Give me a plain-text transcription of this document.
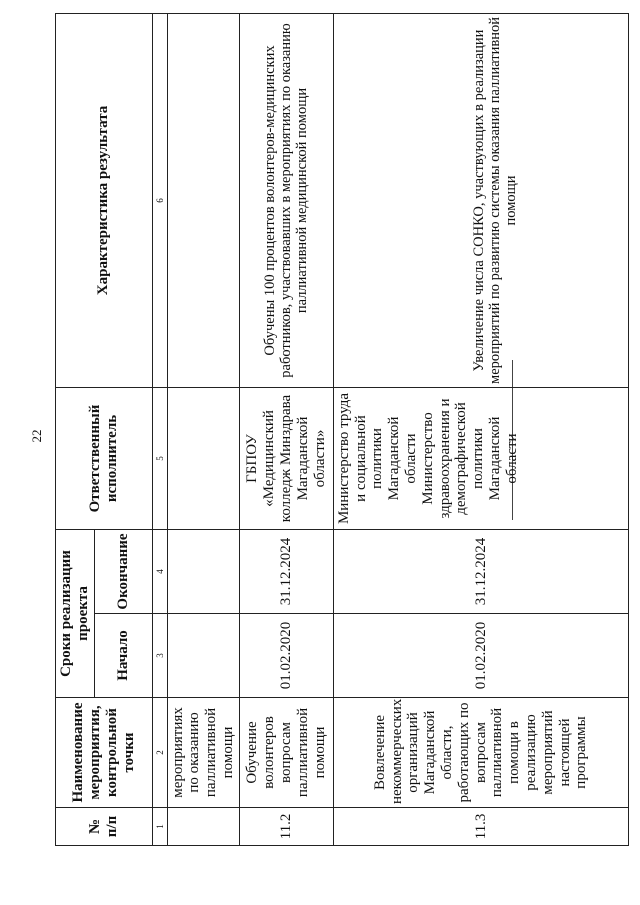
22
№ п/п	Наименование мероприятия, контрольной точки	Сроки реализации проекта		Ответственный исполнитель	Характеристика результата
		Начало	Окончание		
1	2	3	4	5	6
	мероприятиях по оказанию паллиативной помощи				
11.2	Обучение волонтеров вопросам паллиативной помощи	01.02.2020	31.12.2024	ГБПОУ «Медицинский колледж Минздрава Магаданской области»	Обучены 100 процентов волонтеров-медицинских работников, участвовавших в мероприятиях по оказанию паллиативной медицинской помощи
11.3	Вовлечение некоммерческих организаций Магаданской области, работающих по вопросам паллиативной помощи в реализацию мероприятий настоящей программы	01.02.2020	31.12.2024	Министерство труда и социальной политики Магаданской области Министерство здравоохранения и демографической политики Магаданской области	Увеличение числа СОНКО, участвующих в реализации мероприятий по развитию системы оказания паллиативной помощи
